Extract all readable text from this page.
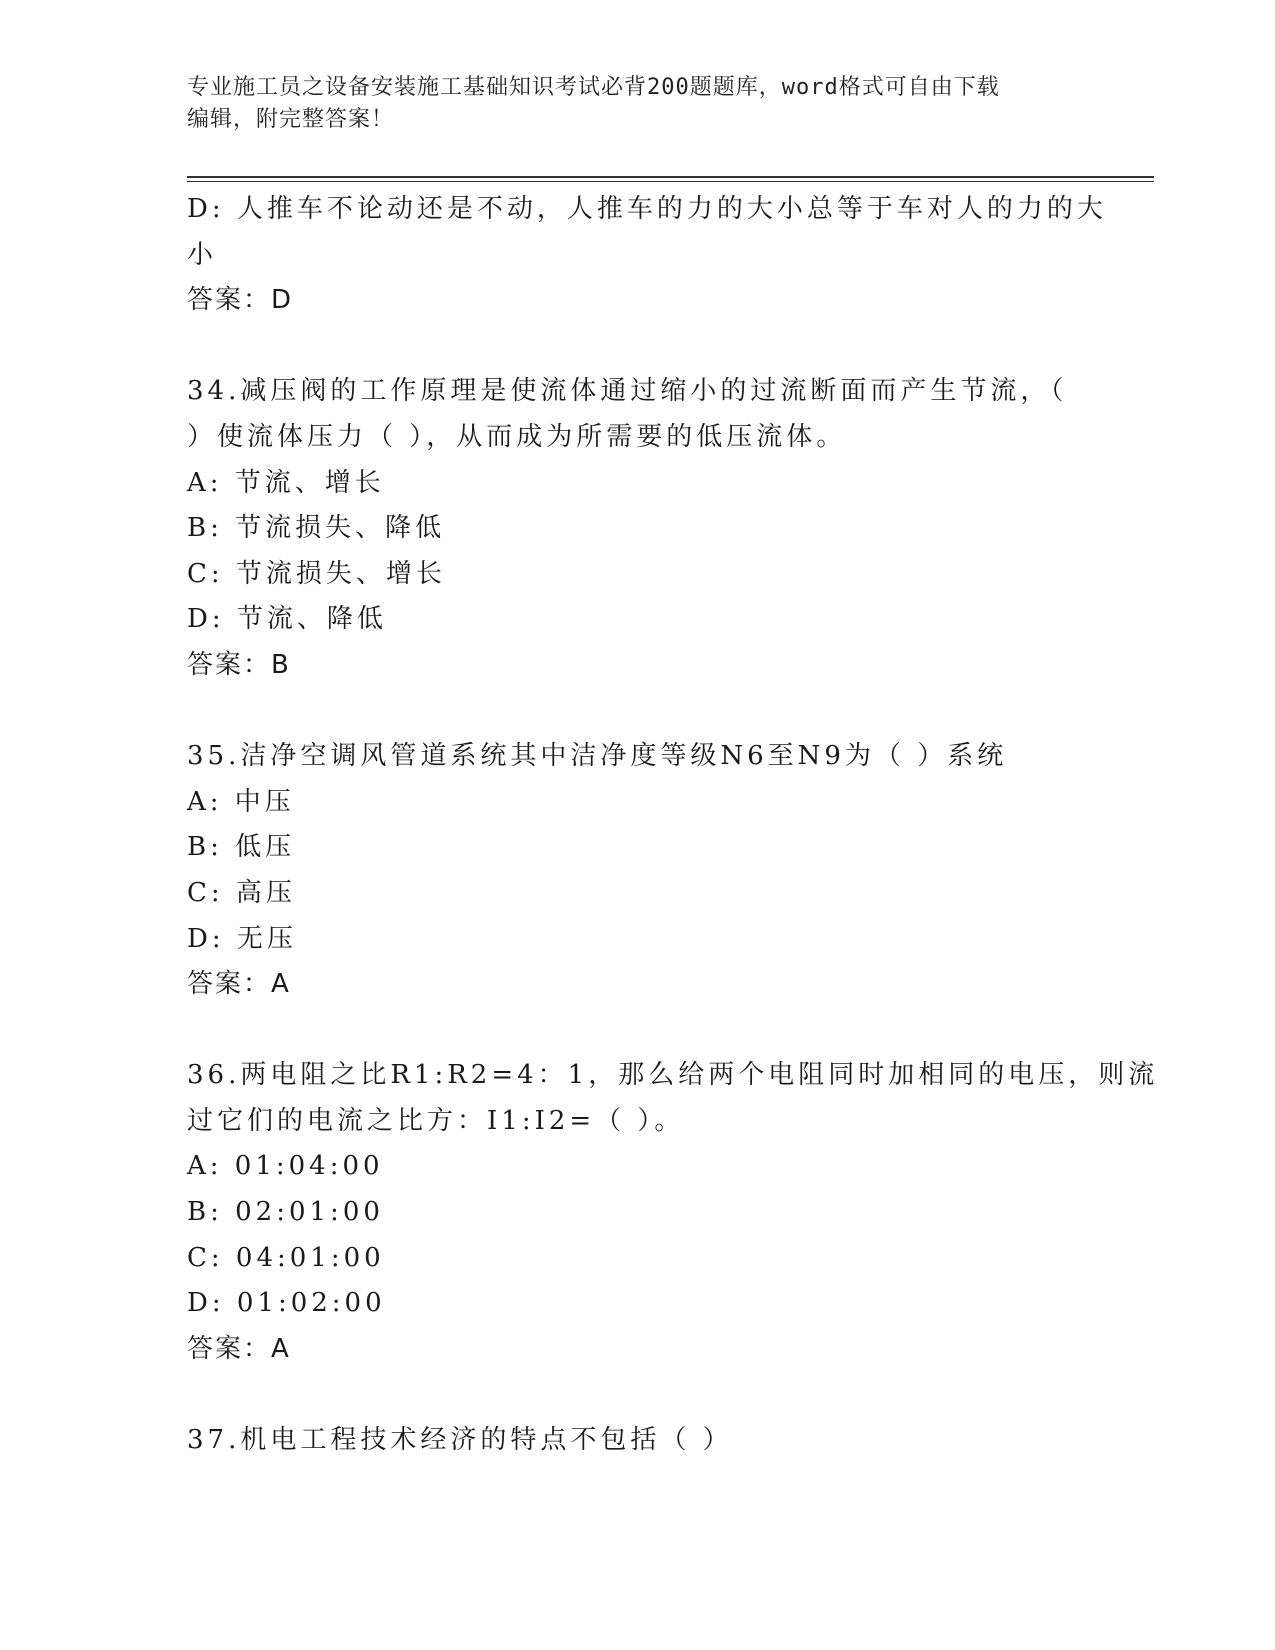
专业施工员之设备安装施工基础知识考试必背200题题库，word格式可自由下载
编辑，附完整答案！
D: 人推车不论动还是不动，人推车的力的大小总等于车对人的力的大
小
答案：D
34.减压阀的工作原理是使流体通过缩小的过流断面而产生节流，（
）使流体压力（ ），从而成为所需要的低压流体。
A: 节流、增长
B: 节流损失、降低
C: 节流损失、增长
D: 节流、降低
答案：B
35.洁净空调风管道系统其中洁净度等级N6至N9为（ ）系统
A: 中压
B: 低压
C: 高压
D: 无压
答案：A
36.两电阻之比R1:R2=4：1，那么给两个电阻同时加相同的电压，则流
过它们的电流之比方：I1:I2=（ ）。
A: 01:04:00
B: 02:01:00
C: 04:01:00
D: 01:02:00
答案：A
37.机电工程技术经济的特点不包括（ ）
